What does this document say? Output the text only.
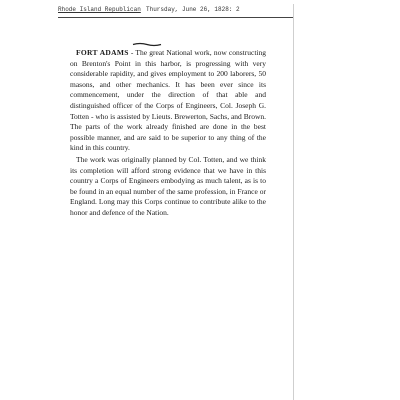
Rhode Island Republican Thursday, June 26, 1828: 2

FORT ADAMS - The great National work, now constructing on Brenton's Point in this harbor, is progressing with very considerable rapidity, and gives employment to 200 laborers, 50 masons, and other mechanics. It has been ever since its commencement, under the direction of that able and distinguished officer of the Corps of Engineers, Col. Joseph G. Totten - who is assisted by Lieuts. Brewerton, Sachs, and Brown. The parts of the work already finished are done in the best possible manner, and are said to be superior to any thing of the kind in this country.

The work was originally planned by Col. Totten, and we think its completion will afford strong evidence that we have in this country a Corps of Engineers embodying as much talent, as is to be found in an equal number of the same profession, in France or England. Long may this Corps continue to contribute alike to the honor and defence of the Nation.
